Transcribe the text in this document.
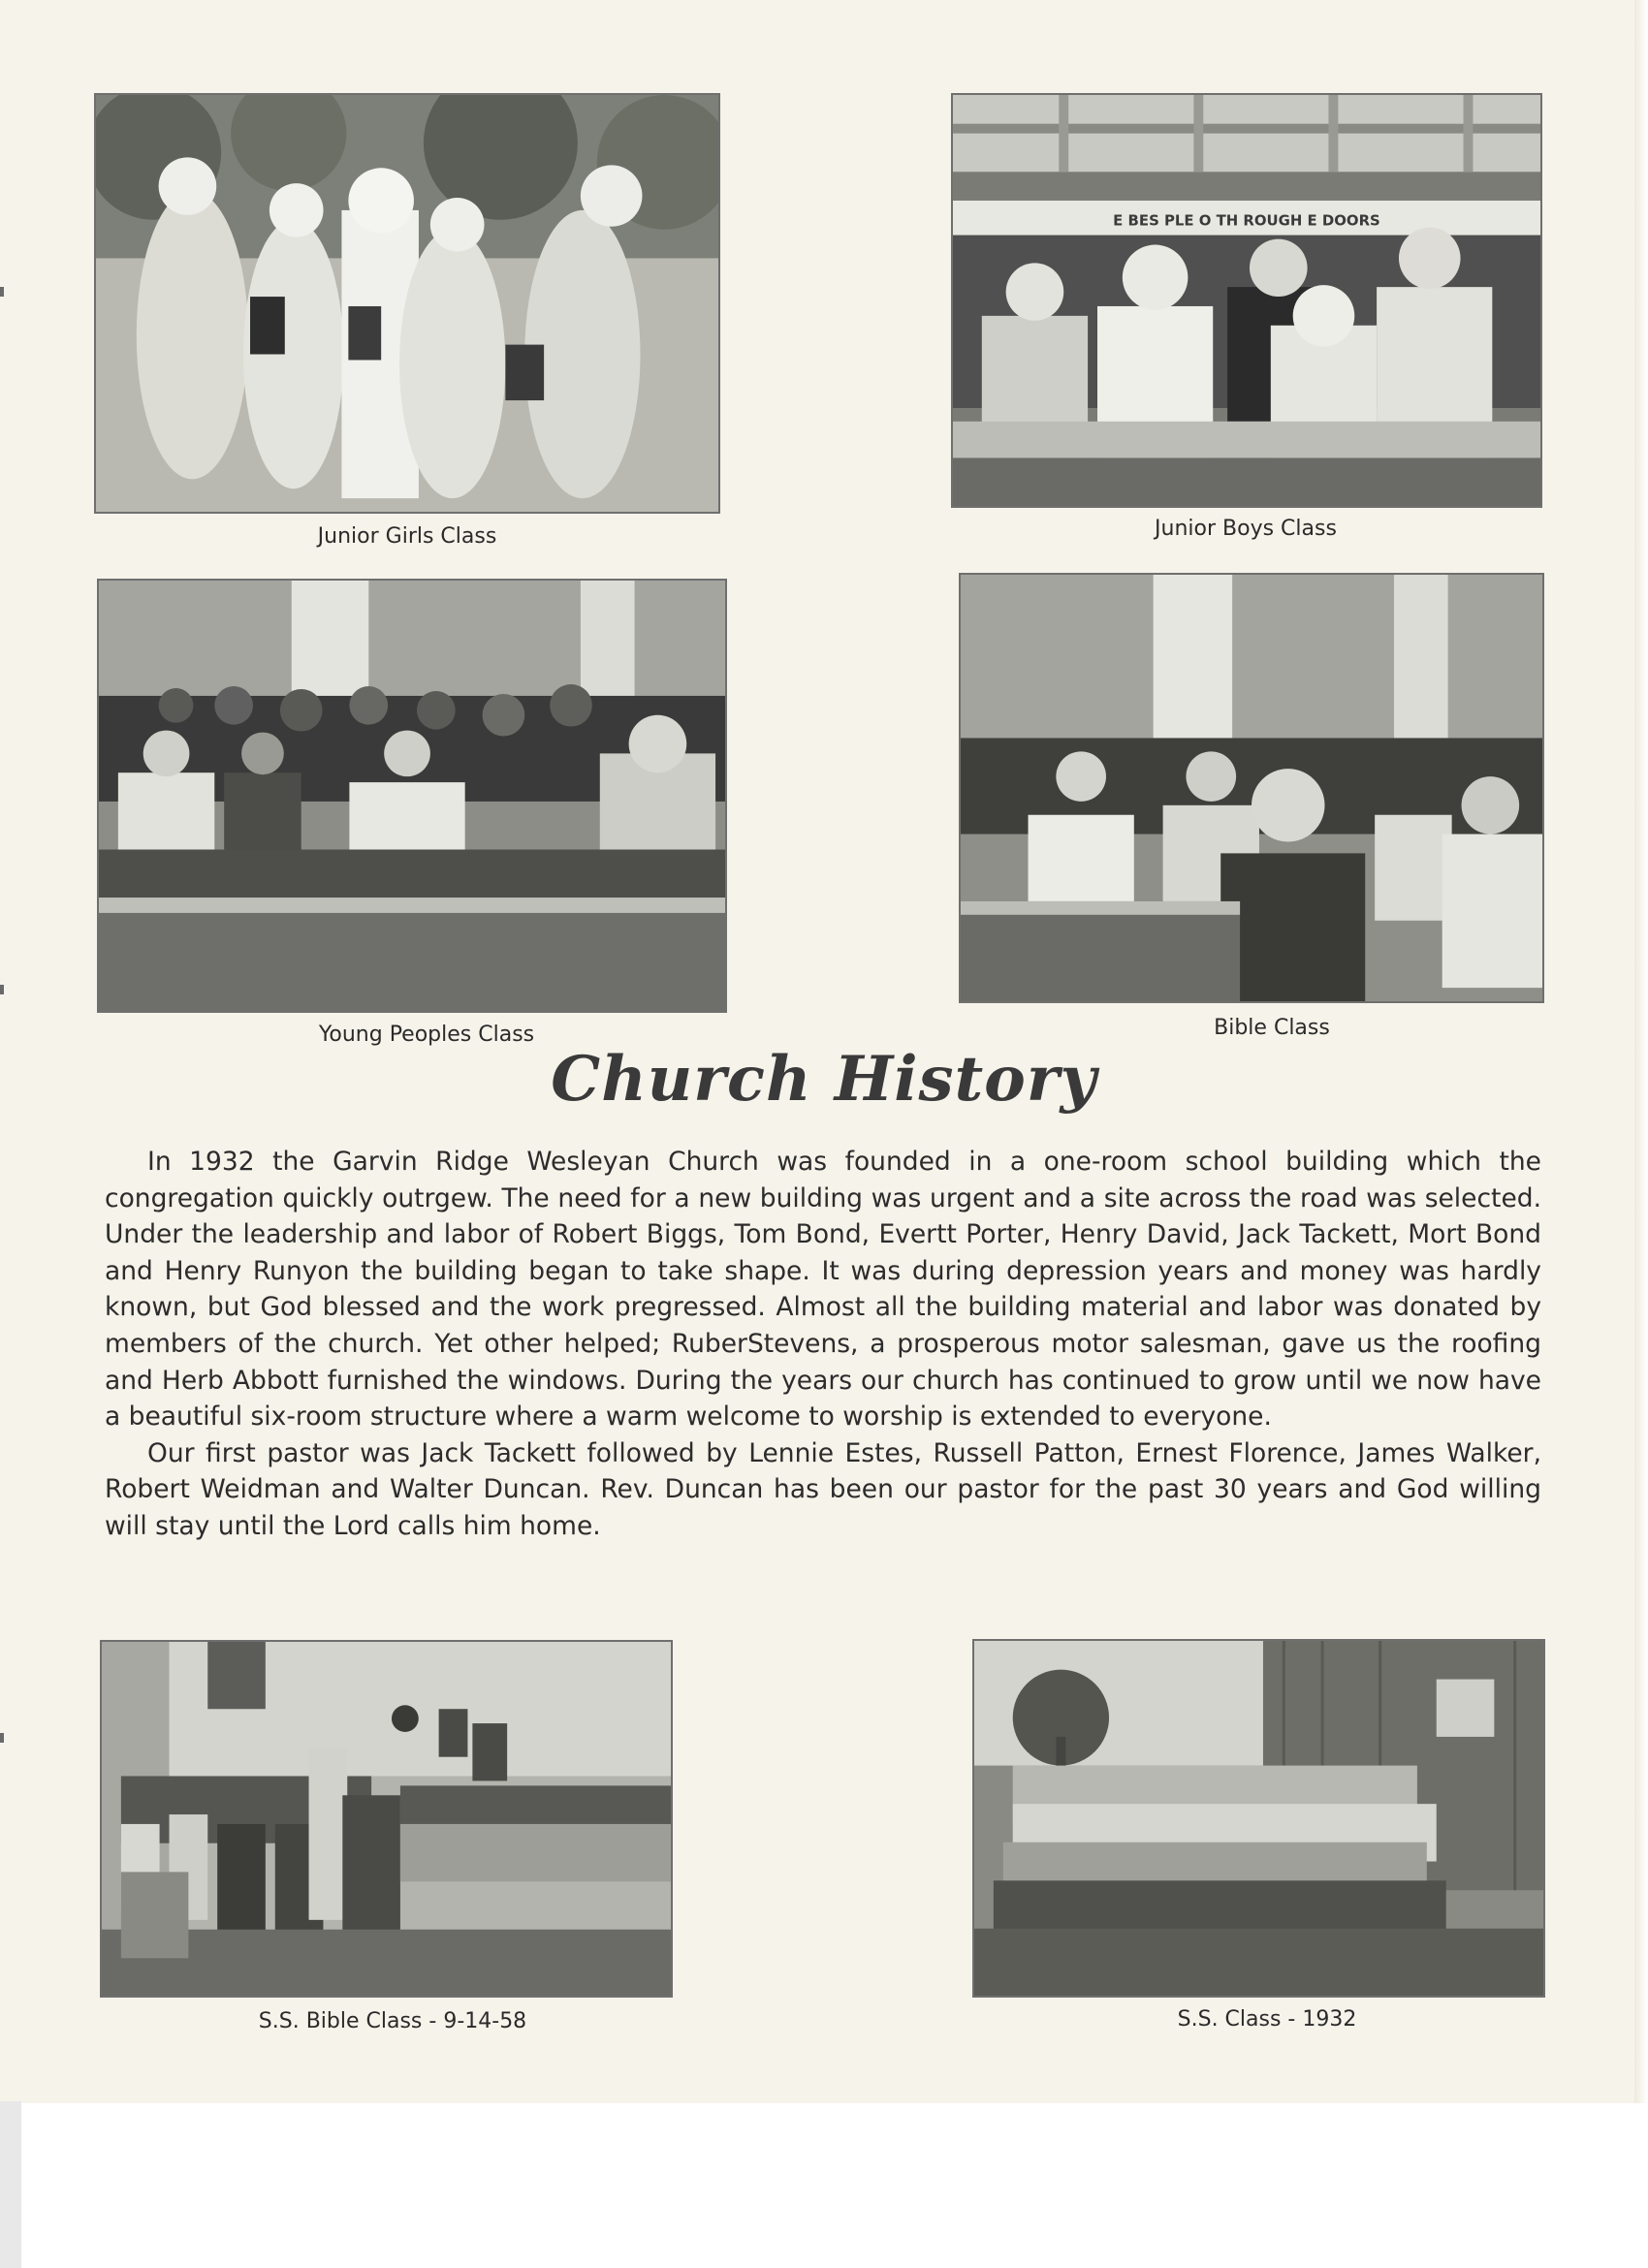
Junior Girls Class
E BES PLE O TH ROUGH E DOORS
Junior Boys Class
Young Peoples Class	Bible Class
Church History

In 1932 the Garvin Ridge Wesleyan Church was founded in a one-room school building which the congregation quickly outrgew. The need for a new building was urgent and a site across the road was selected. Under the leadership and labor of Robert Biggs, Tom Bond, Evertt Porter, Henry David, Jack Tackett, Mort Bond and Henry Runyon the building began to take shape. It was during depression years and money was hardly known, but God blessed and the work pregressed. Almost all the building material and labor was donated by members of the church. Yet other helped; RuberStevens, a prosperous motor salesman, gave us the roofing and Herb Abbott furnished the windows. During the years our church has continued to grow until we now have a beautiful six-room structure where a warm welcome to worship is extended to everyone.

Our first pastor was Jack Tackett followed by Lennie Estes, Russell Patton, Ernest Florence, James Walker, Robert Weidman and Walter Duncan. Rev. Duncan has been our pastor for the past 30 years and God willing will stay until the Lord calls him home.

S.S. Bible Class - 9-14-58	S.S. Class - 1932
